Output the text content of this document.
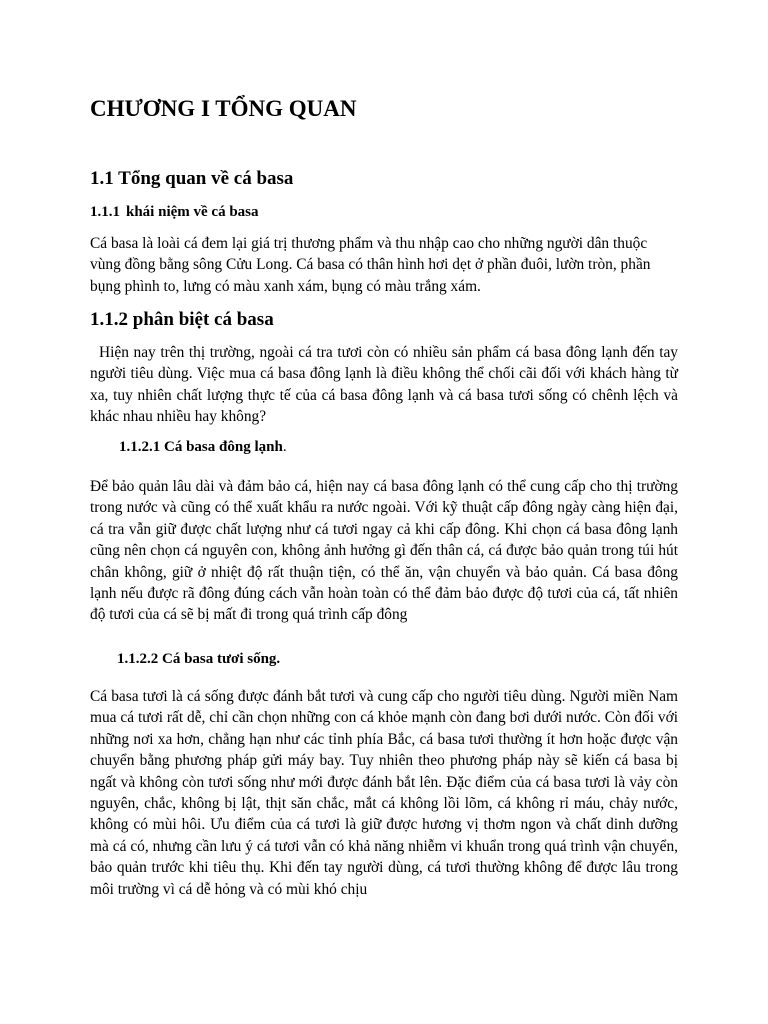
CHƯƠNG I TỔNG QUAN
1.1 Tổng quan về cá basa
1.1.1 khái niệm về cá basa

Cá basa là loài cá đem lại giá trị thương phẩm và thu nhập cao cho những người dân thuộc vùng đồng bằng sông Cửu Long. Cá basa có thân hình hơi dẹt ở phần đuôi, lườn tròn, phần bụng phình to, lưng có màu xanh xám, bụng có màu trắng xám.

1.1.2 phân biệt cá basa

Hiện nay trên thị trường, ngoài cá tra tươi còn có nhiều sản phẩm cá basa đông lạnh đến tay người tiêu dùng. Việc mua cá basa đông lạnh là điều không thể chối cãi đối với khách hàng từ xa, tuy nhiên chất lượng thực tế của cá basa đông lạnh và cá basa tươi sống có chênh lệch và khác nhau nhiều hay không?

1.1.2.1 Cá basa đông lạnh.

Để bảo quản lâu dài và đảm bảo cá, hiện nay cá basa đông lạnh có thể cung cấp cho thị trường trong nước và cũng có thể xuất khẩu ra nước ngoài. Với kỹ thuật cấp đông ngày càng hiện đại, cá tra vẫn giữ được chất lượng như cá tươi ngay cả khi cấp đông. Khi chọn cá basa đông lạnh cũng nên chọn cá nguyên con, không ảnh hưởng gì đến thân cá, cá được bảo quản trong túi hút chân không, giữ ở nhiệt độ rất thuận tiện, có thể ăn, vận chuyển và bảo quản. Cá basa đông lạnh nếu được rã đông đúng cách vẫn hoàn toàn có thể đảm bảo được độ tươi của cá, tất nhiên độ tươi của cá sẽ bị mất đi trong quá trình cấp đông

1.1.2.2 Cá basa tươi sống.

Cá basa tươi là cá sống được đánh bắt tươi và cung cấp cho người tiêu dùng. Người miền Nam mua cá tươi rất dễ, chỉ cần chọn những con cá khỏe mạnh còn đang bơi dưới nước. Còn đối với những nơi xa hơn, chẳng hạn như các tỉnh phía Bắc, cá basa tươi thường ít hơn hoặc được vận chuyển bằng phương pháp gửi máy bay. Tuy nhiên theo phương pháp này sẽ kiến cá basa bị ngất và không còn tươi sống như mới được đánh bắt lên. Đặc điểm của cá basa tươi là vảy còn nguyên, chắc, không bị lật, thịt săn chắc, mắt cá không lồi lõm, cá không rỉ máu, chảy nước, không có mùi hôi. Ưu điểm của cá tươi là giữ được hương vị thơm ngon và chất dinh dưỡng mà cá có, nhưng cần lưu ý cá tươi vẫn có khả năng nhiễm vi khuẩn trong quá trình vận chuyển, bảo quản trước khi tiêu thụ. Khi đến tay người dùng, cá tươi thường không để được lâu trong môi trường vì cá dễ hỏng và có mùi khó chịu
